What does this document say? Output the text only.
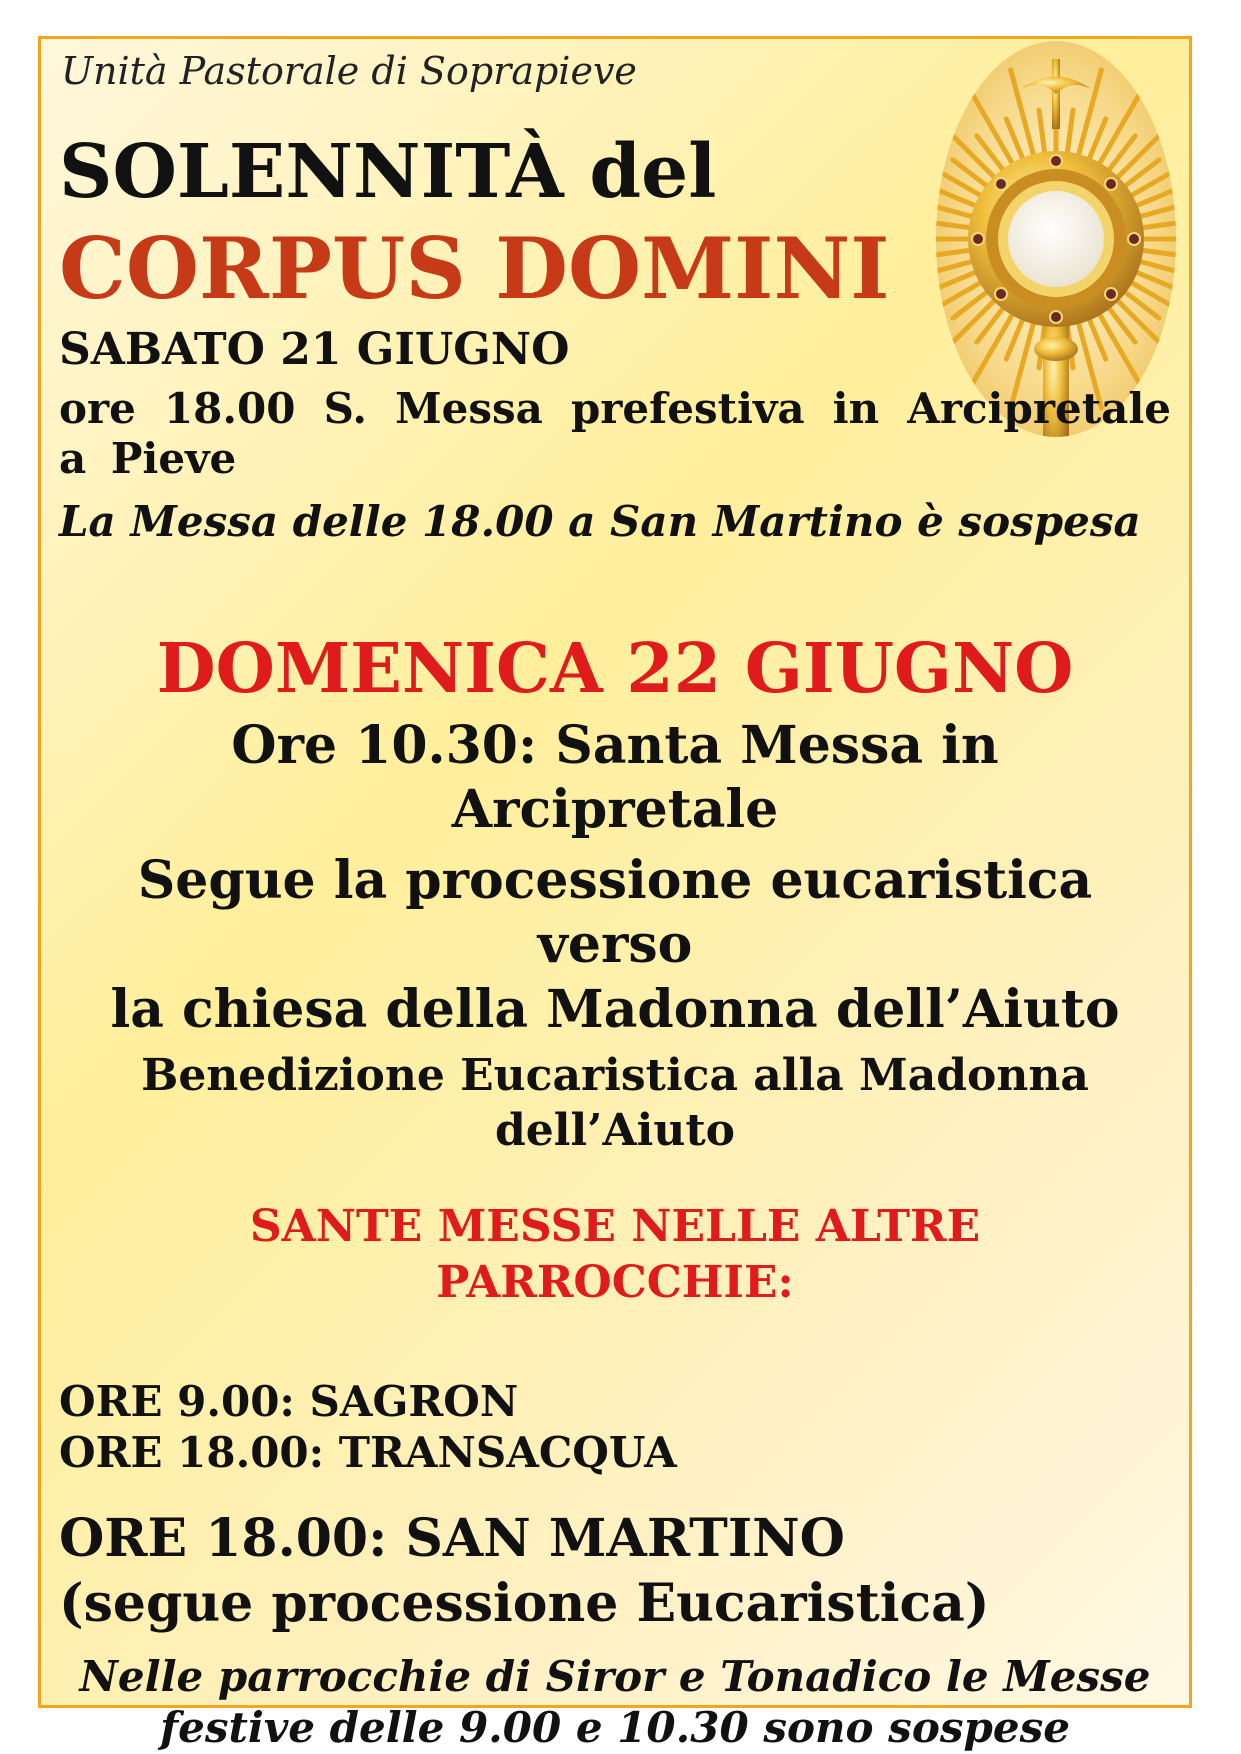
Unità Pastorale di Soprapieve
SOLENNITÀ del
CORPUS DOMINI
SABATO 21 GIUGNO
ore 18.00 S. Messa prefestiva in Arcipretale a Pieve
La Messa delle 18.00 a San Martino è sospesa
DOMENICA 22 GIUGNO
Ore 10.30: Santa Messa in
Arcipretale
Segue la processione eucaristica
verso
la chiesa della Madonna dell’Aiuto
Benedizione Eucaristica alla Madonna
dell’Aiuto
SANTE MESSE NELLE ALTRE
PARROCCHIE:
ORE 9.00: SAGRON
ORE 18.00: TRANSACQUA
ORE 18.00: SAN MARTINO
(segue processione Eucaristica)
Nelle parrocchie di Siror e Tonadico le Messe
festive delle 9.00 e 10.30 sono sospese
